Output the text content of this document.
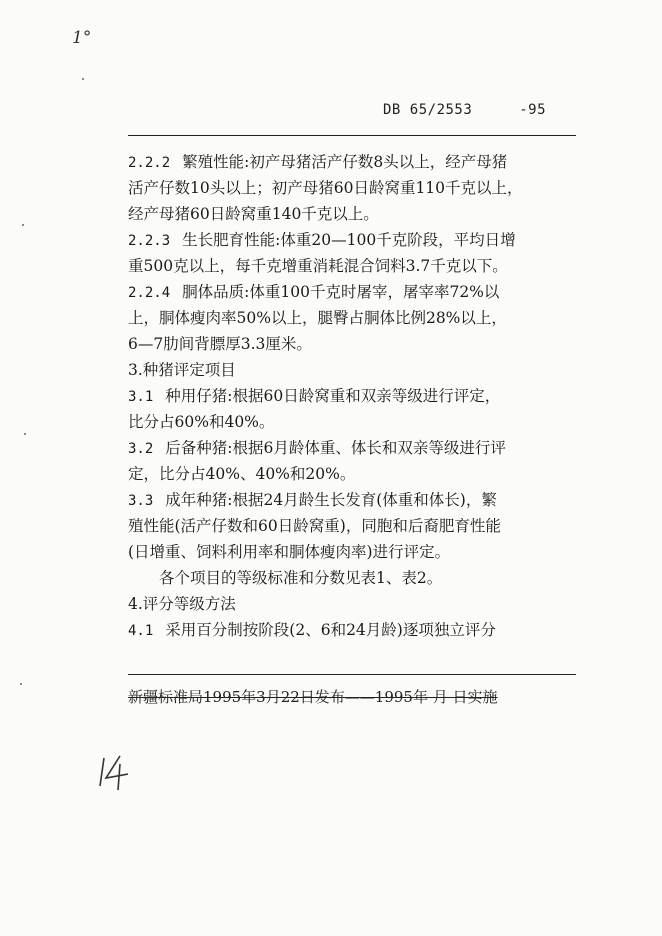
1°
DB 65/2553	-95
2.2.2 繁殖性能:初产母猪活产仔数8头以上，经产母猪
活产仔数10头以上；初产母猪60日龄窝重110千克以上，
经产母猪60日龄窝重140千克以上。
2.2.3 生长肥育性能:体重20—100千克阶段，平均日增
重500克以上，每千克增重消耗混合饲料3.7千克以下。
2.2.4 胴体品质:体重100千克时屠宰，屠宰率72%以
上，胴体瘦肉率50%以上，腿臀占胴体比例28%以上，
6—7肋间背膘厚3.3厘米。
3.种猪评定项目
3.1 种用仔猪:根据60日龄窝重和双亲等级进行评定，
比分占60%和40%。
3.2 后备种猪:根据6月龄体重、体长和双亲等级进行评
定，比分占40%、40%和20%。
3.3 成年种猪:根据24月龄生长发育(体重和体长)，繁
殖性能(活产仔数和60日龄窝重)，同胞和后裔肥育性能
(日增重、饲料利用率和胴体瘦肉率)进行评定。
　　各个项目的等级标准和分数见表1、表2。
4.评分等级方法
4.1 采用百分制按阶段(2、6和24月龄)逐项独立评分
新疆标准局1995年3月22日发布——1995年 月 日实施
